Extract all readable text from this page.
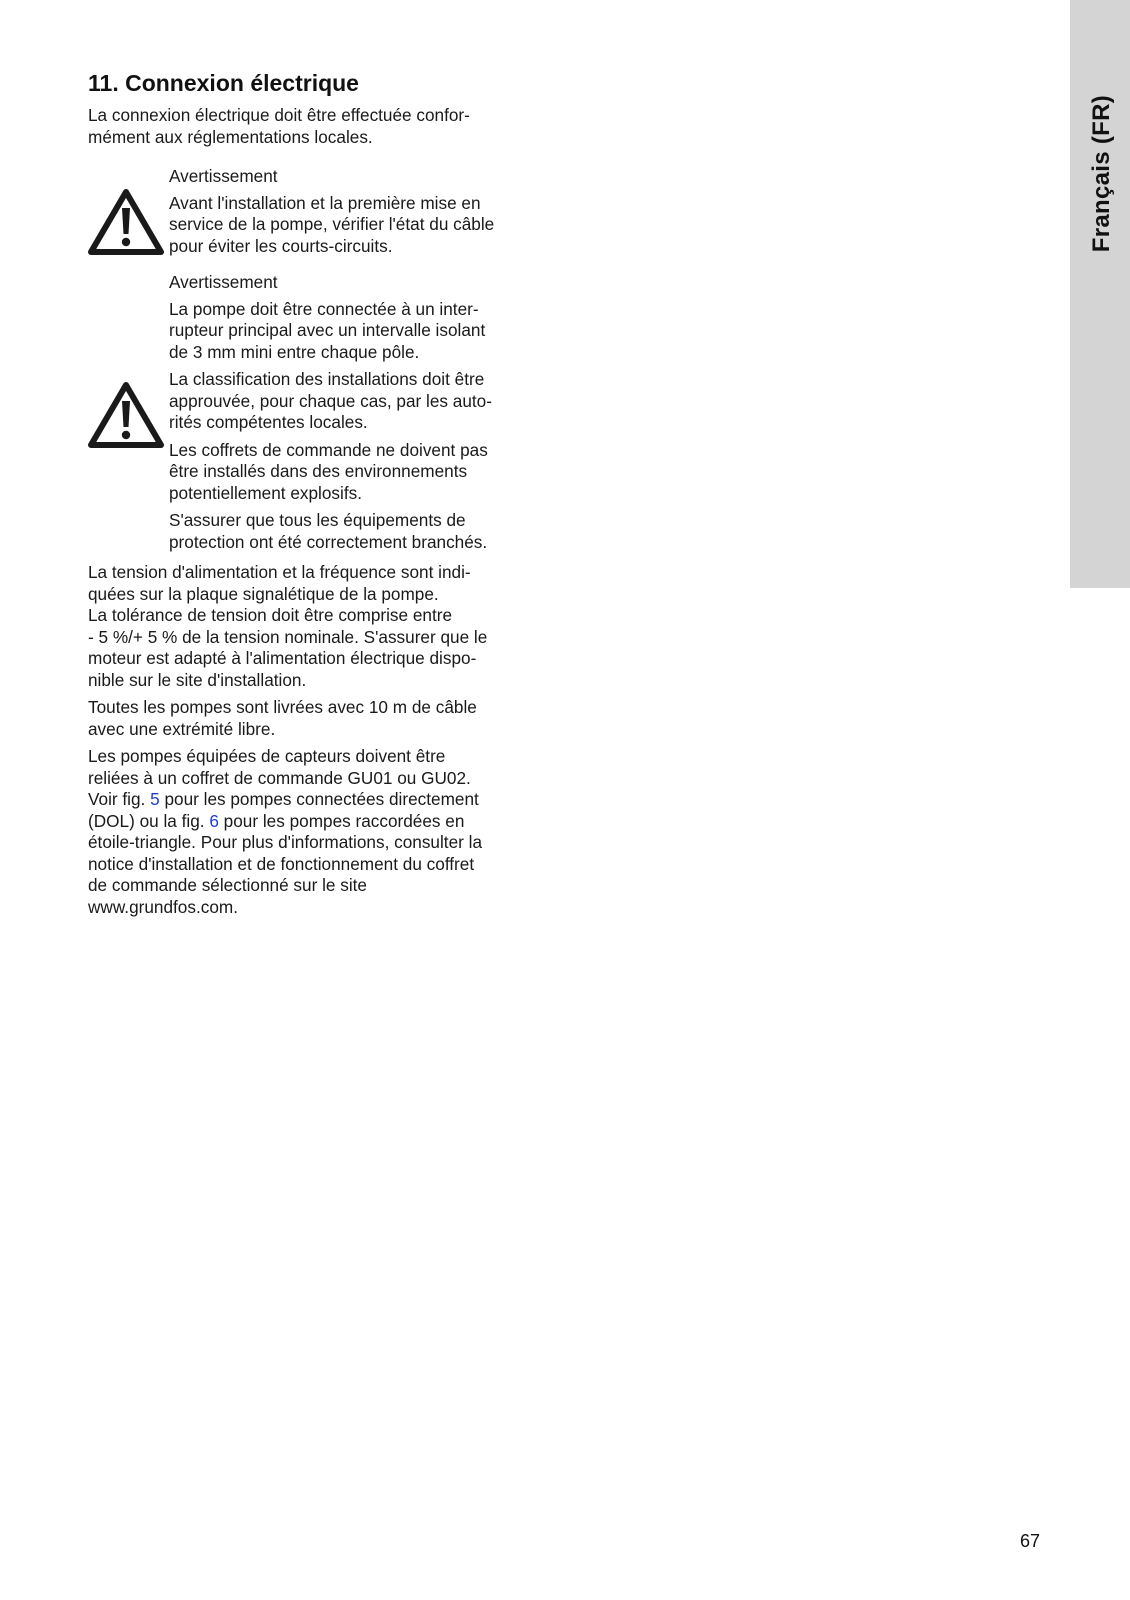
Français (FR)
11. Connexion électrique

La connexion électrique doit être effectuée confor-
mément aux réglementations locales.

Avertissement

Avant l'installation et la première mise en
service de la pompe, vérifier l'état du câble
pour éviter les courts-circuits.

Avertissement

La pompe doit être connectée à un inter-
rupteur principal avec un intervalle isolant
de 3 mm mini entre chaque pôle.

La classification des installations doit être
approuvée, pour chaque cas, par les auto-
rités compétentes locales.

Les coffrets de commande ne doivent pas
être installés dans des environnements
potentiellement explosifs.

S'assurer que tous les équipements de
protection ont été correctement branchés.

La tension d'alimentation et la fréquence sont indi-
quées sur la plaque signalétique de la pompe.
La tolérance de tension doit être comprise entre
- 5 %/+ 5 % de la tension nominale. S'assurer que le
moteur est adapté à l'alimentation électrique dispo-
nible sur le site d'installation.

Toutes les pompes sont livrées avec 10 m de câble
avec une extrémité libre.

Les pompes équipées de capteurs doivent être
reliées à un coffret de commande GU01 ou GU02.
Voir fig. 5 pour les pompes connectées directement
(DOL) ou la fig. 6 pour les pompes raccordées en
étoile-triangle. Pour plus d'informations, consulter la
notice d'installation et de fonctionnement du coffret
de commande sélectionné sur le site
www.grundfos.com.

67
